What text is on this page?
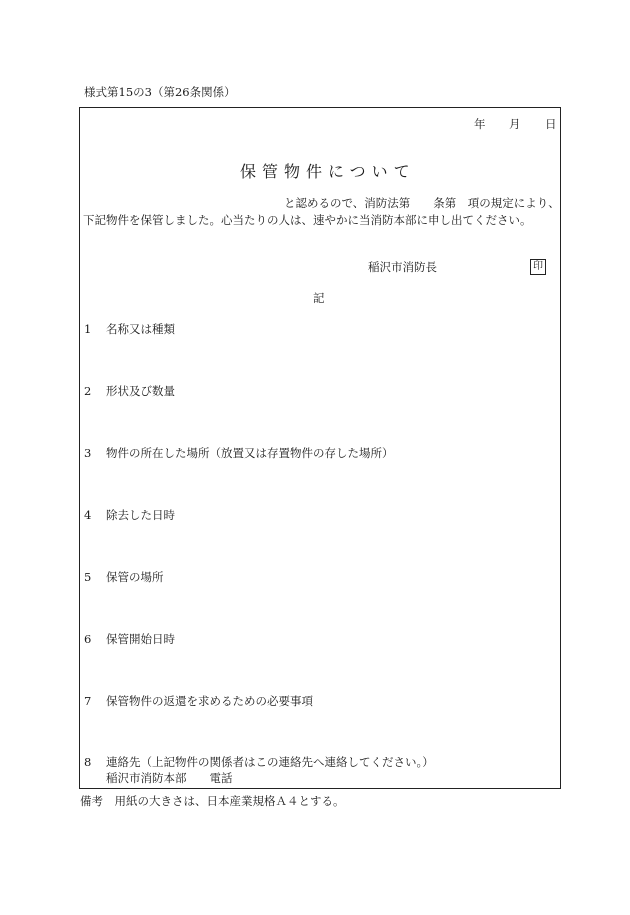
様式第15の3（第26条関係）
年 月 日
保管物件について
と認めるので、消防法第　　条第　項の規定により、
下記物件を保管しました。心当たりの人は、速やかに当消防本部に申し出てください。
稲沢市消防長	印
記
1	名称又は種類
2	形状及び数量
3	物件の所在した場所（放置又は存置物件の存した場所）
4	除去した日時
5	保管の場所
6	保管開始日時
7	保管物件の返還を求めるための必要事項
8	連絡先（上記物件の関係者はこの連絡先へ連絡してください。）
稲沢市消防本部　　電話
備考　用紙の大きさは、日本産業規格Ａ４とする。
